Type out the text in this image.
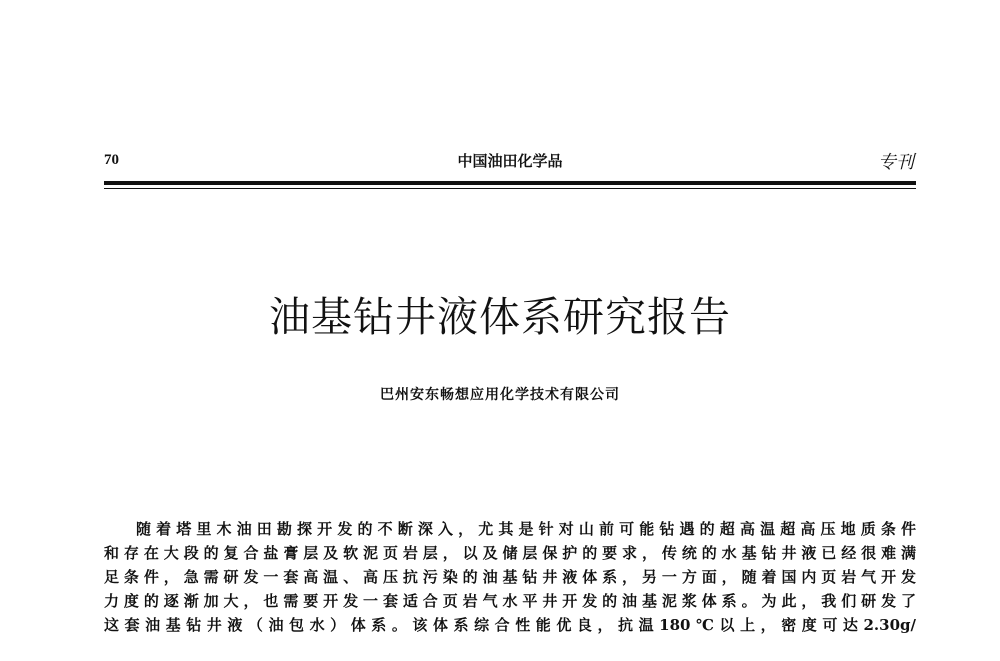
70	中国油田化学品	专刊
油基钻井液体系研究报告
巴州安东畅想应用化学技术有限公司
随着塔里木油田勘探开发的不断深入，尤其是针对山前可能钻遇的超高温超高压地质条件
和存在大段的复合盐膏层及软泥页岩层，以及储层保护的要求，传统的水基钻井液已经很难满
足条件，急需研发一套高温、高压抗污染的油基钻井液体系，另一方面，随着国内页岩气开发
力度的逐渐加大，也需要开发一套适合页岩气水平井开发的油基泥浆体系。为此，我们研发了
这套油基钻井液（油包水）体系。该体系综合性能优良，抗温180℃以上，密度可达2.30g/
